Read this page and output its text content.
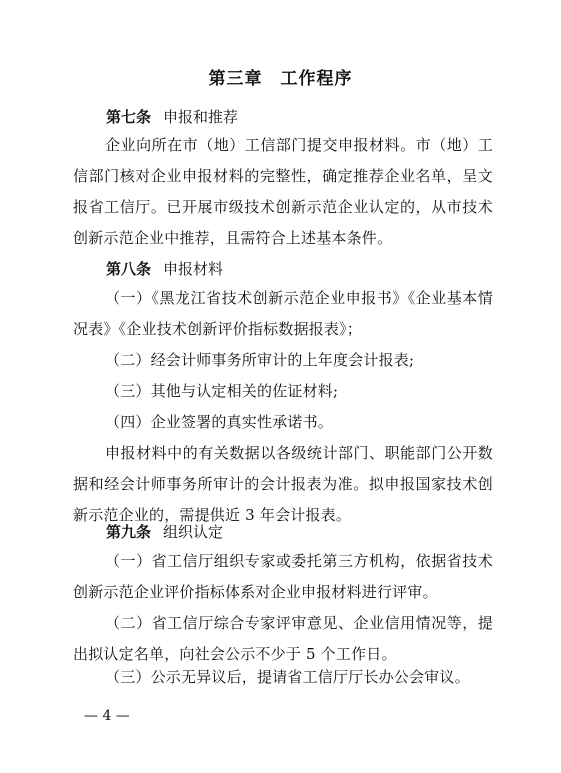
第三章　工作程序
第七条 申报和推荐
企业向所在市（地）工信部门提交申报材料。市（地）工信部门核对企业申报材料的完整性，确定推荐企业名单，呈文报省工信厅。已开展市级技术创新示范企业认定的，从市技术创新示范企业中推荐，且需符合上述基本条件。
第八条 申报材料
（一）《黑龙江省技术创新示范企业申报书》《企业基本情况表》《企业技术创新评价指标数据报表》；
（二）经会计师事务所审计的上年度会计报表;
（三）其他与认定相关的佐证材料;
（四）企业签署的真实性承诺书。
申报材料中的有关数据以各级统计部门、职能部门公开数据和经会计师事务所审计的会计报表为准。拟申报国家技术创新示范企业的，需提供近 3 年会计报表。
第九条 组织认定
（一）省工信厅组织专家或委托第三方机构，依据省技术创新示范企业评价指标体系对企业申报材料进行评审。
（二）省工信厅综合专家评审意见、企业信用情况等，提出拟认定名单，向社会公示不少于 5 个工作日。
（三）公示无异议后，提请省工信厅厅长办公会审议。
— 4 —
